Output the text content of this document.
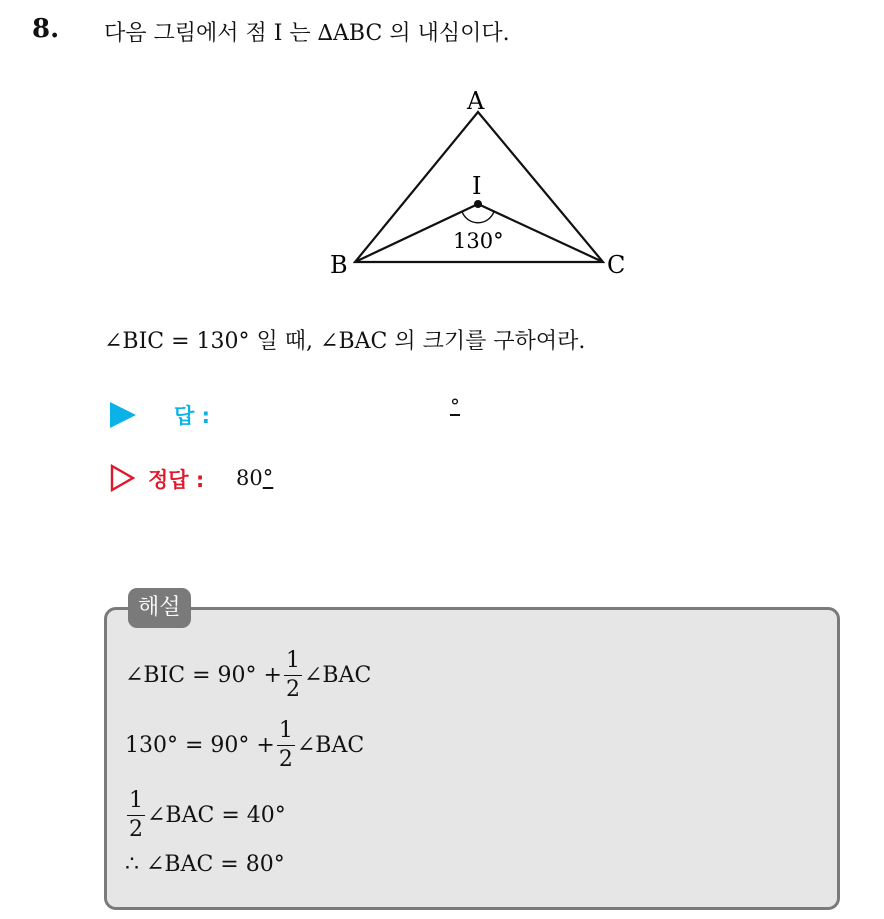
8. 다음 그림에서 점 I 는 ∆ABC 의 내심이다.
A
B	C
I
130°
∠BIC = 130° 일 때, ∠BAC 의 크기를 구하여라.
답 :	°
정답 : 80°
∠BIC = $90^\circ + \frac{1}{2}$ ∠BAC
$130^\circ = 90^\circ + \frac{1}{2}$ ∠BAC
$\frac{1}{2}$ ∠BAC = 40°
∴ ∠BAC = 80°
해설
